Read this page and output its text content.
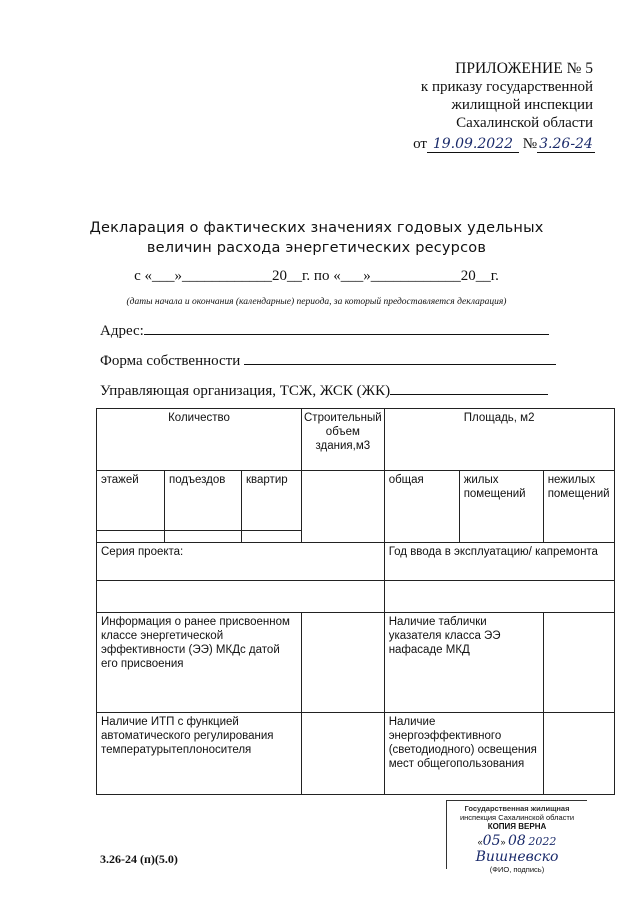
ПРИЛОЖЕНИЕ № 5
к приказу государственной
жилищной инспекции
Сахалинской области
от 19.09.2022 № 3.26-24
Декларация о фактических значениях годовых удельных
величин расхода энергетических ресурсов
с «___»____________20__г. по «___»____________20__г.
(даты начала и окончания (календарные) периода, за который предоставляется декларация)
Адрес:
Форма собственности
Управляющая организация, ТСЖ, ЖСК (ЖК)
Количество			Строительный объем здания,м3	Площадь, м2		
этажей	подъездов	квартир		общая	жилых помещений	нежилых помещений

Серия проекта:				Год ввода в эксплуатацию/ капремонта		

Информация о ранее присвоенном классе энергетической эффективности (ЭЭ) МКДс датой его присвоения				Наличие таблички указателя класса ЭЭ нафасаде МКД		
Наличие ИТП с функцией автоматического регулирования температурытеплоносителя				Наличие энергоэффективного (светодиодного) освещения мест общегопользования		
Государственная жилищная
инспекция Сахалинской области
КОПИЯ ВЕРНА
«05» 08 2022
Вишневско
(ФИО, подпись)
3.26-24 (п)(5.0)
